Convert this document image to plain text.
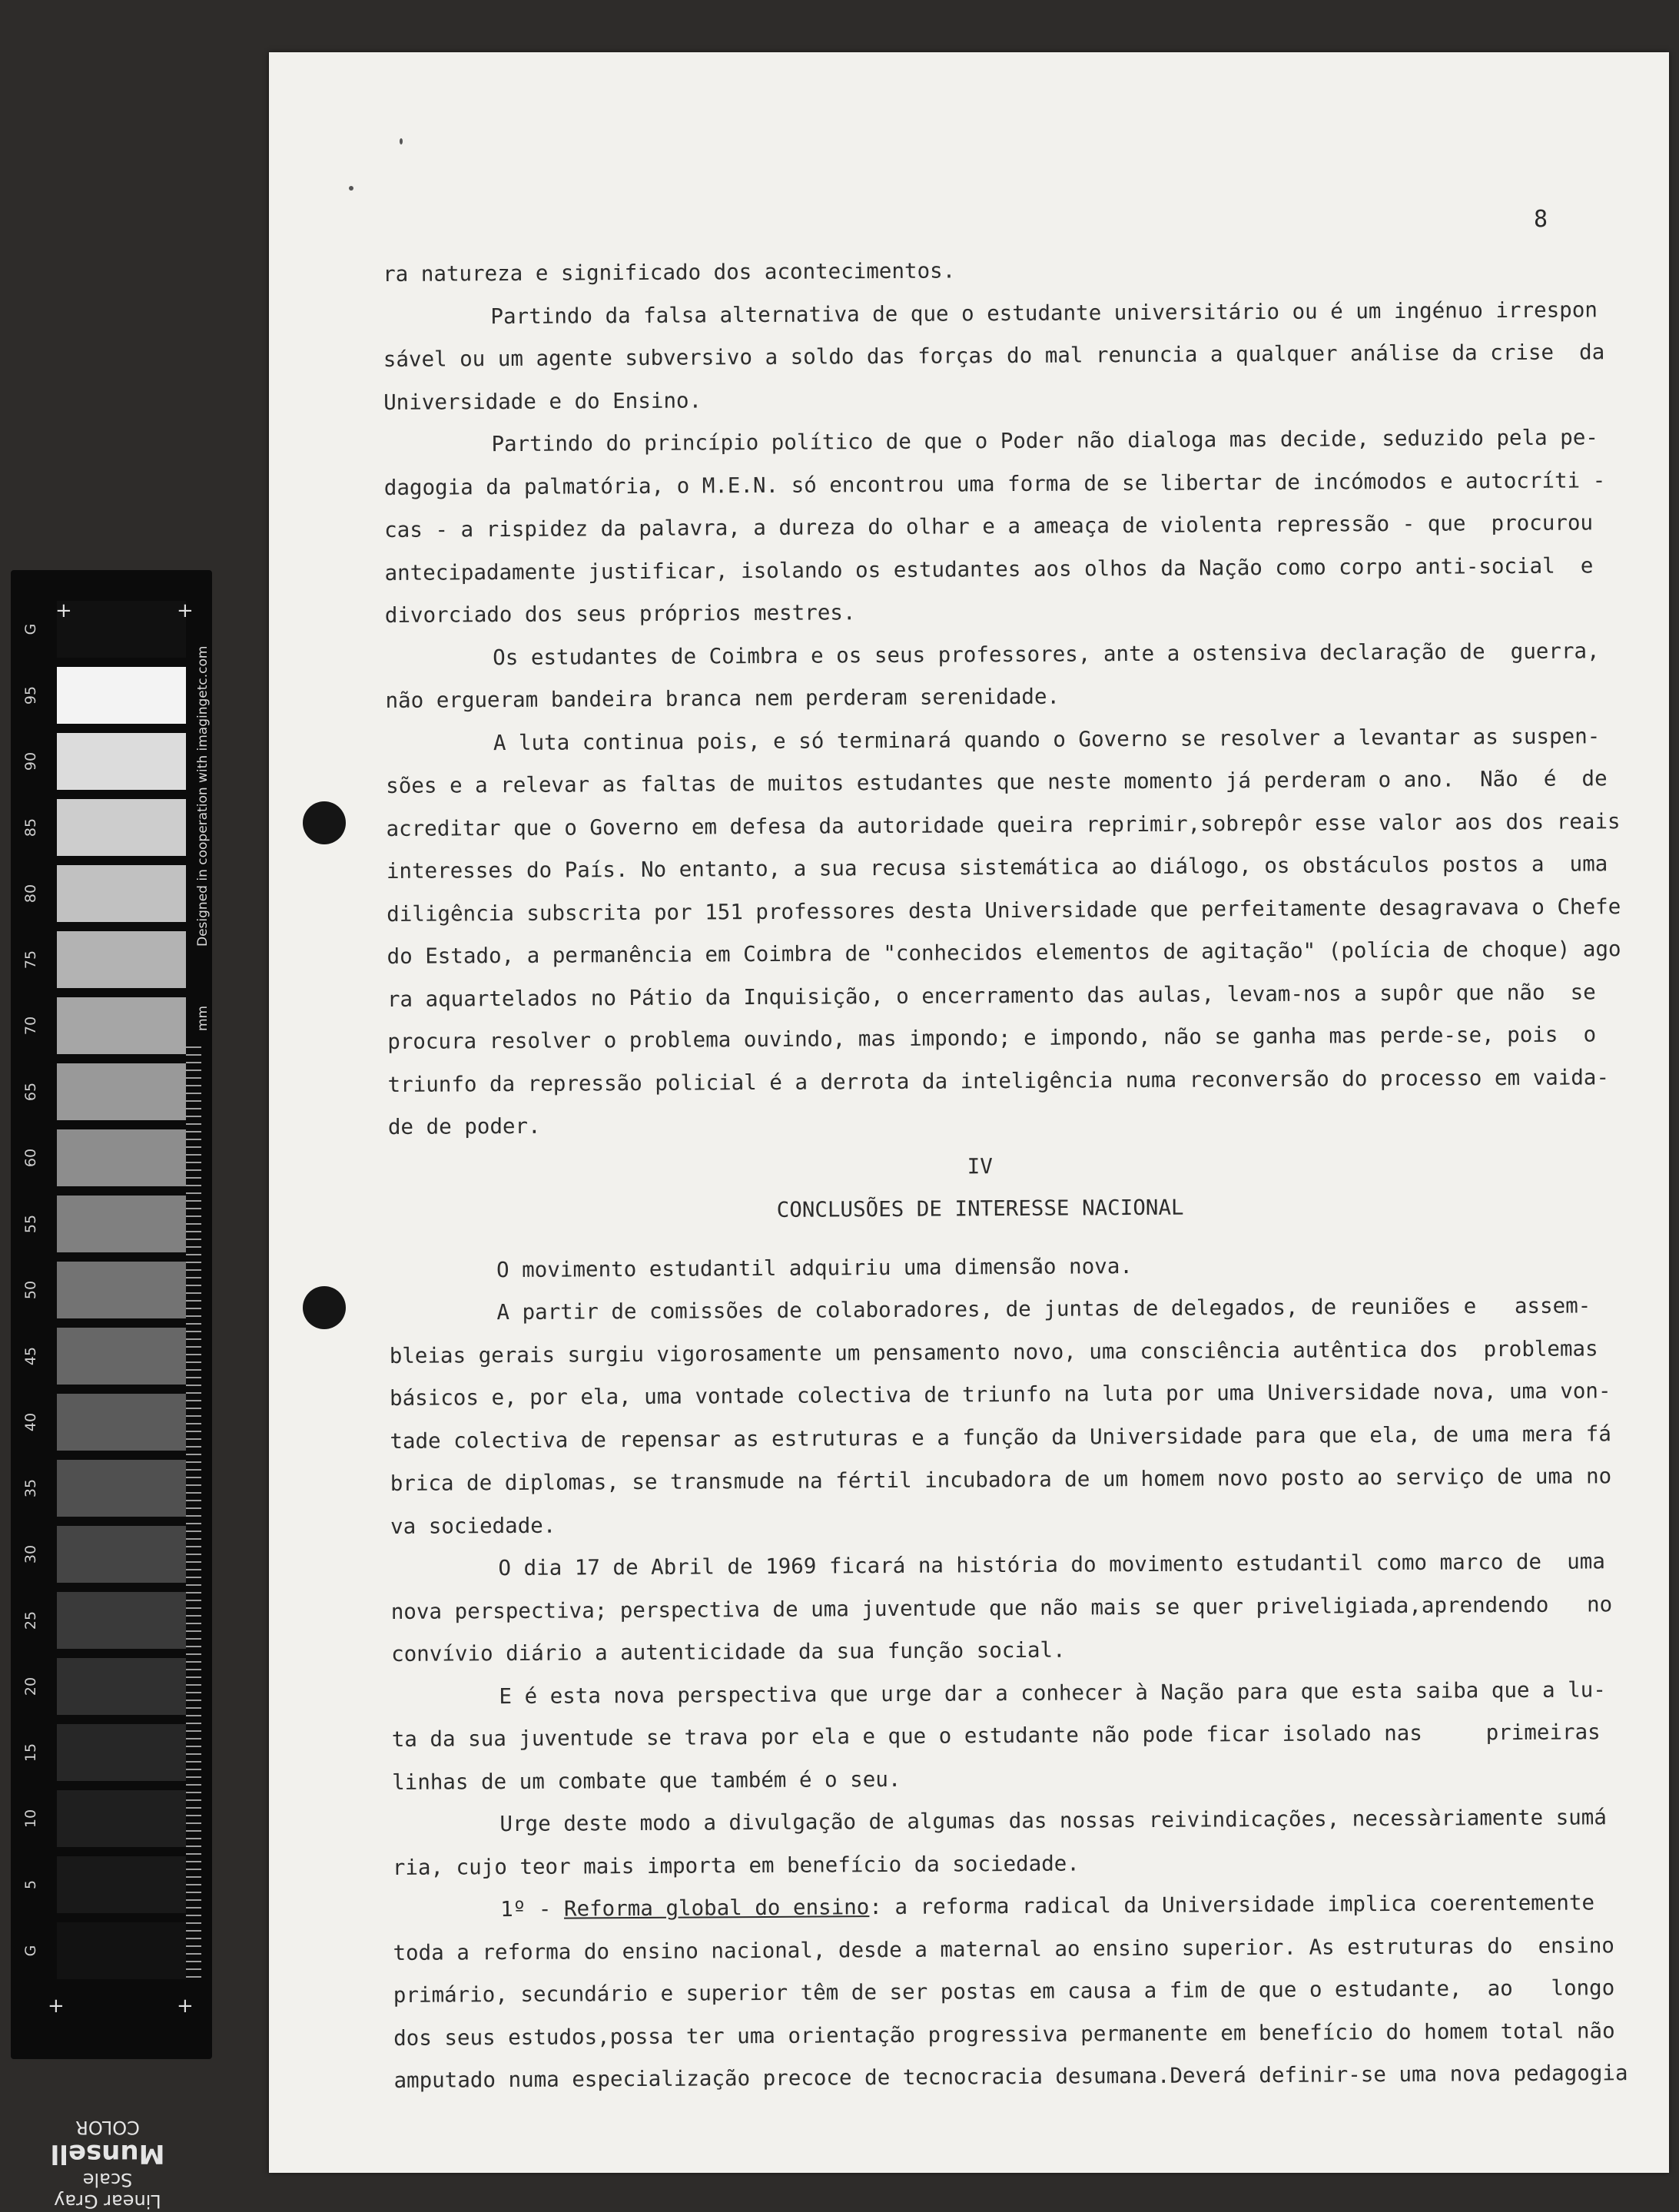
G
95
90
85
80
75
70
65
60
55
50
45
40
35
30
25
20
15
10
5
G
+	+
+	+
Designed in cooperation with imagingetc.com
mm
Linear Gray Scale
Munsell
COLOR
8
ra natureza e significado dos acontecimentos.
Partindo da falsa alternativa de que o estudante universitário ou é um ingénuo irrespon
sável ou um agente subversivo a soldo das forças do mal renuncia a qualquer análise da crise  da
Universidade e do Ensino.
Partindo do princípio político de que o Poder não dialoga mas decide, seduzido pela pe-
dagogia da palmatória, o M.E.N. só encontrou uma forma de se libertar de incómodos e autocríti -
cas - a rispidez da palavra, a dureza do olhar e a ameaça de violenta repressão - que  procurou
antecipadamente justificar, isolando os estudantes aos olhos da Nação como corpo anti-social  e
divorciado dos seus próprios mestres.
Os estudantes de Coimbra e os seus professores, ante a ostensiva declaração de  guerra,
não ergueram bandeira branca nem perderam serenidade.
A luta continua pois, e só terminará quando o Governo se resolver a levantar as suspen-
sões e a relevar as faltas de muitos estudantes que neste momento já perderam o ano.  Não  é  de
acreditar que o Governo em defesa da autoridade queira reprimir,sobrepôr esse valor aos dos reais
interesses do País. No entanto, a sua recusa sistemática ao diálogo, os obstáculos postos a  uma
diligência subscrita por 151 professores desta Universidade que perfeitamente desagravava o Chefe
do Estado, a permanência em Coimbra de "conhecidos elementos de agitação" (polícia de choque) ago
ra aquartelados no Pátio da Inquisição, o encerramento das aulas, levam-nos a supôr que não  se
procura resolver o problema ouvindo, mas impondo; e impondo, não se ganha mas perde-se, pois  o
triunfo da repressão policial é a derrota da inteligência numa reconversão do processo em vaida-
de de poder.
IV
CONCLUSÕES DE INTERESSE NACIONAL
O movimento estudantil adquiriu uma dimensão nova.
A partir de comissões de colaboradores, de juntas de delegados, de reuniões e   assem-
bleias gerais surgiu vigorosamente um pensamento novo, uma consciência autêntica dos  problemas
básicos e, por ela, uma vontade colectiva de triunfo na luta por uma Universidade nova, uma von-
tade colectiva de repensar as estruturas e a função da Universidade para que ela, de uma mera fá
brica de diplomas, se transmude na fértil incubadora de um homem novo posto ao serviço de uma no
va sociedade.
O dia 17 de Abril de 1969 ficará na história do movimento estudantil como marco de  uma
nova perspectiva; perspectiva de uma juventude que não mais se quer priveligiada,aprendendo   no
convívio diário a autenticidade da sua função social.
E é esta nova perspectiva que urge dar a conhecer à Nação para que esta saiba que a lu-
ta da sua juventude se trava por ela e que o estudante não pode ficar isolado nas     primeiras
linhas de um combate que também é o seu.
Urge deste modo a divulgação de algumas das nossas reivindicações, necessàriamente sumá
ria, cujo teor mais importa em benefício da sociedade.
1º - Reforma global do ensino: a reforma radical da Universidade implica coerentemente
toda a reforma do ensino nacional, desde a maternal ao ensino superior. As estruturas do  ensino
primário, secundário e superior têm de ser postas em causa a fim de que o estudante,  ao   longo
dos seus estudos,possa ter uma orientação progressiva permanente em benefício do homem total não
amputado numa especialização precoce de tecnocracia desumana.Deverá definir-se uma nova pedagogia
